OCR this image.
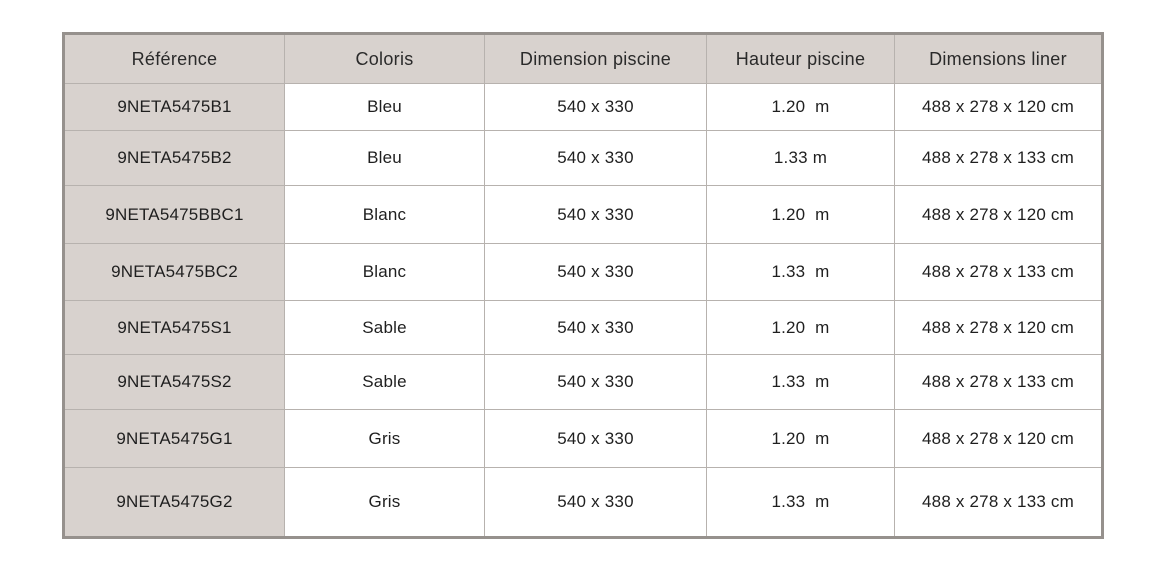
Référence	Coloris	Dimension piscine	Hauteur piscine	Dimensions liner
9NETA5475B1	Bleu	540 x 330	1.20  m	488 x 278 x 120 cm
9NETA5475B2	Bleu	540 x 330	1.33 m	488 x 278 x 133 cm
9NETA5475BBC1	Blanc	540 x 330	1.20  m	488 x 278 x 120 cm
9NETA5475BC2	Blanc	540 x 330	1.33  m	488 x 278 x 133 cm
9NETA5475S1	Sable	540 x 330	1.20  m	488 x 278 x 120 cm
9NETA5475S2	Sable	540 x 330	1.33  m	488 x 278 x 133 cm
9NETA5475G1	Gris	540 x 330	1.20  m	488 x 278 x 120 cm
9NETA5475G2	Gris	540 x 330	1.33  m	488 x 278 x 133 cm
